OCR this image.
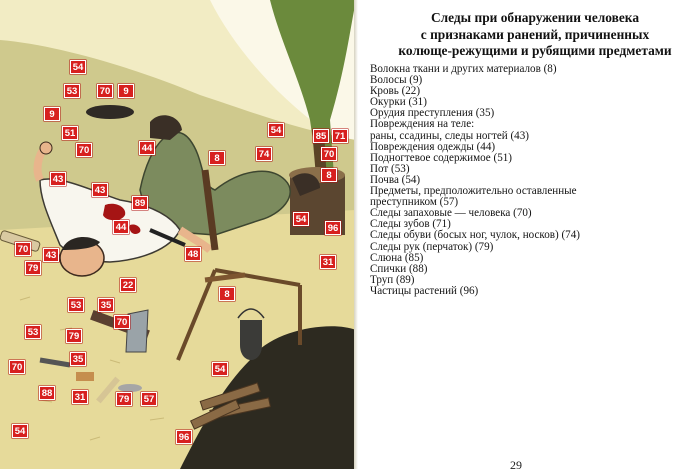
54
53 70	9
9
51
70
43
43
89
44
44
8
54
74
85 71
70
8
54
96
31
70
79
43	48
22
8
53 35
70
53	79
35
70
88 31	79 57
54
54
96
Следы при обнаружении человека
с признаками ранений, причиненных
колюще-режущими и рубящими предметами
Волокна ткани и других материалов (8)
Волосы (9)
Кровь (22)
Окурки (31)
Орудия преступления (35)
Повреждения на теле:
раны, ссадины, следы ногтей (43)
Повреждения одежды (44)
Подногтевое содержимое (51)
Пот (53)
Почва (54)
Предметы, предположительно оставленные
преступником (57)
Следы запаховые — человека (70)
Следы зубов (71)
Следы обуви (босых ног, чулок, носков) (74)
Следы рук (перчаток) (79)
Слюна (85)
Спички (88)
Труп (89)
Частицы растений (96)
29
